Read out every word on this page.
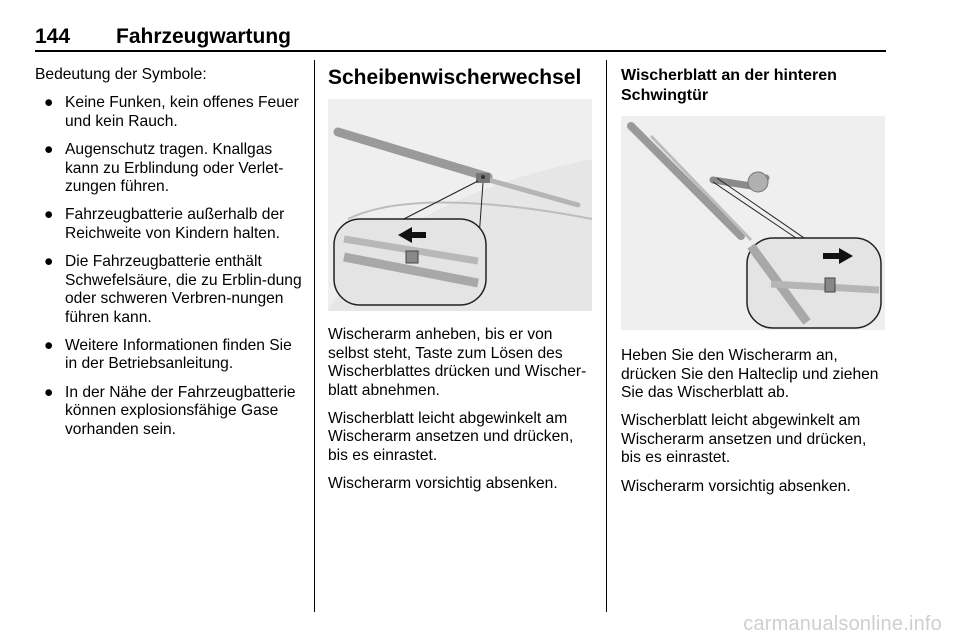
144 Fahrzeugwartung

Bedeutung der Symbole:

● Keine Funken, kein offenes Feuer und kein Rauch.
● Augenschutz tragen. Knallgas kann zu Erblindung oder Verlet-zungen führen.
● Fahrzeugbatterie außerhalb der Reichweite von Kindern halten.
● Die Fahrzeugbatterie enthält Schwefelsäure, die zu Erblin-dung oder schweren Verbren-nungen führen kann.
● Weitere Informationen finden Sie in der Betriebsanleitung.
● In der Nähe der Fahrzeugbatterie können explosionsfähige Gase vorhanden sein.
Scheibenwischerwechsel

Wischerarm anheben, bis er von selbst steht, Taste zum Lösen des Wischerblattes drücken und Wischer-blatt abnehmen.

Wischerblatt leicht abgewinkelt am Wischerarm ansetzen und drücken, bis es einrastet.

Wischerarm vorsichtig absenken.

Wischerblatt an der hinteren
Schwingtür

Heben Sie den Wischerarm an, drücken Sie den Halteclip und ziehen Sie das Wischerblatt ab.

Wischerblatt leicht abgewinkelt am Wischerarm ansetzen und drücken, bis es einrastet.

Wischerarm vorsichtig absenken.

carmanualsonline.info
